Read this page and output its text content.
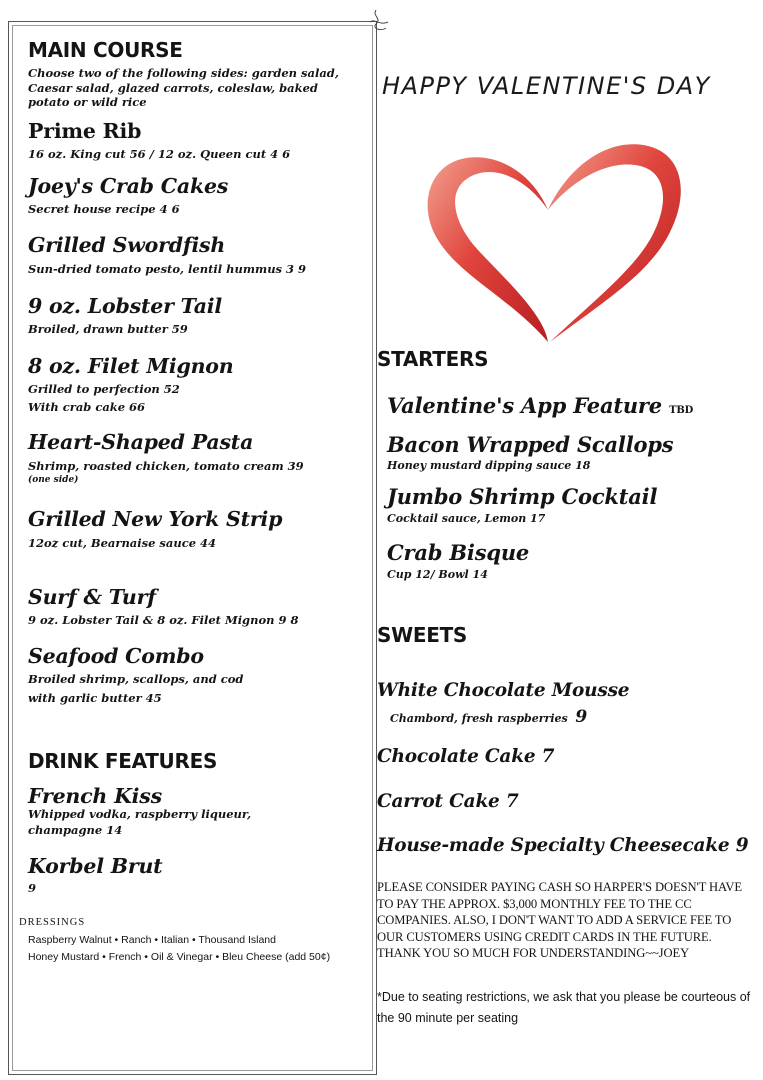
MAIN COURSE
Choose two of the following sides: garden salad, Caesar salad, glazed carrots, coleslaw, baked potato or wild rice
Prime Rib
16 oz. King cut 56 / 12 oz. Queen cut 4 6
Joey's Crab Cakes
Secret house recipe 4 6
Grilled Swordfish
Sun-dried tomato pesto, lentil hummus 3 9
9 oz. Lobster Tail
Broiled, drawn butter 59
8 oz. Filet Mignon
Grilled to perfection 52
With crab cake 66
Heart-Shaped Pasta
Shrimp, roasted chicken, tomato cream 39
(one side)
Grilled New York Strip
12oz cut, Bearnaise sauce 44
Surf & Turf
9 oz. Lobster Tail & 8 oz. Filet Mignon 9 8
Seafood Combo
Broiled shrimp, scallops, and cod
with garlic butter 45
DRINK FEATURES
French Kiss
Whipped vodka, raspberry liqueur,
champagne 14
Korbel Brut
9
DRESSINGS
Raspberry Walnut • Ranch • Italian • Thousand Island
Honey Mustard • French • Oil & Vinegar • Bleu Cheese (add 50¢)
HAPPY VALENTINE'S DAY
STARTERS
Valentine's App Feature TBD
Bacon Wrapped Scallops
Honey mustard dipping sauce 18
Jumbo Shrimp Cocktail
Cocktail sauce, Lemon 17
Crab Bisque
Cup 12/ Bowl 14
SWEETS
White Chocolate Mousse
Chambord, fresh raspberries 9
Chocolate Cake 7
Carrot Cake 7
House-made Specialty Cheesecake 9
PLEASE CONSIDER PAYING CASH SO HARPER'S DOESN'T HAVE TO PAY THE APPROX. $3,000 MONTHLY FEE TO THE CC COMPANIES. ALSO, I DON'T WANT TO ADD A SERVICE FEE TO OUR CUSTOMERS USING CREDIT CARDS IN THE FUTURE.
THANK YOU SO MUCH FOR UNDERSTANDING~~JOEY
*Due to seating restrictions, we ask that you please be courteous of the 90 minute per seating
